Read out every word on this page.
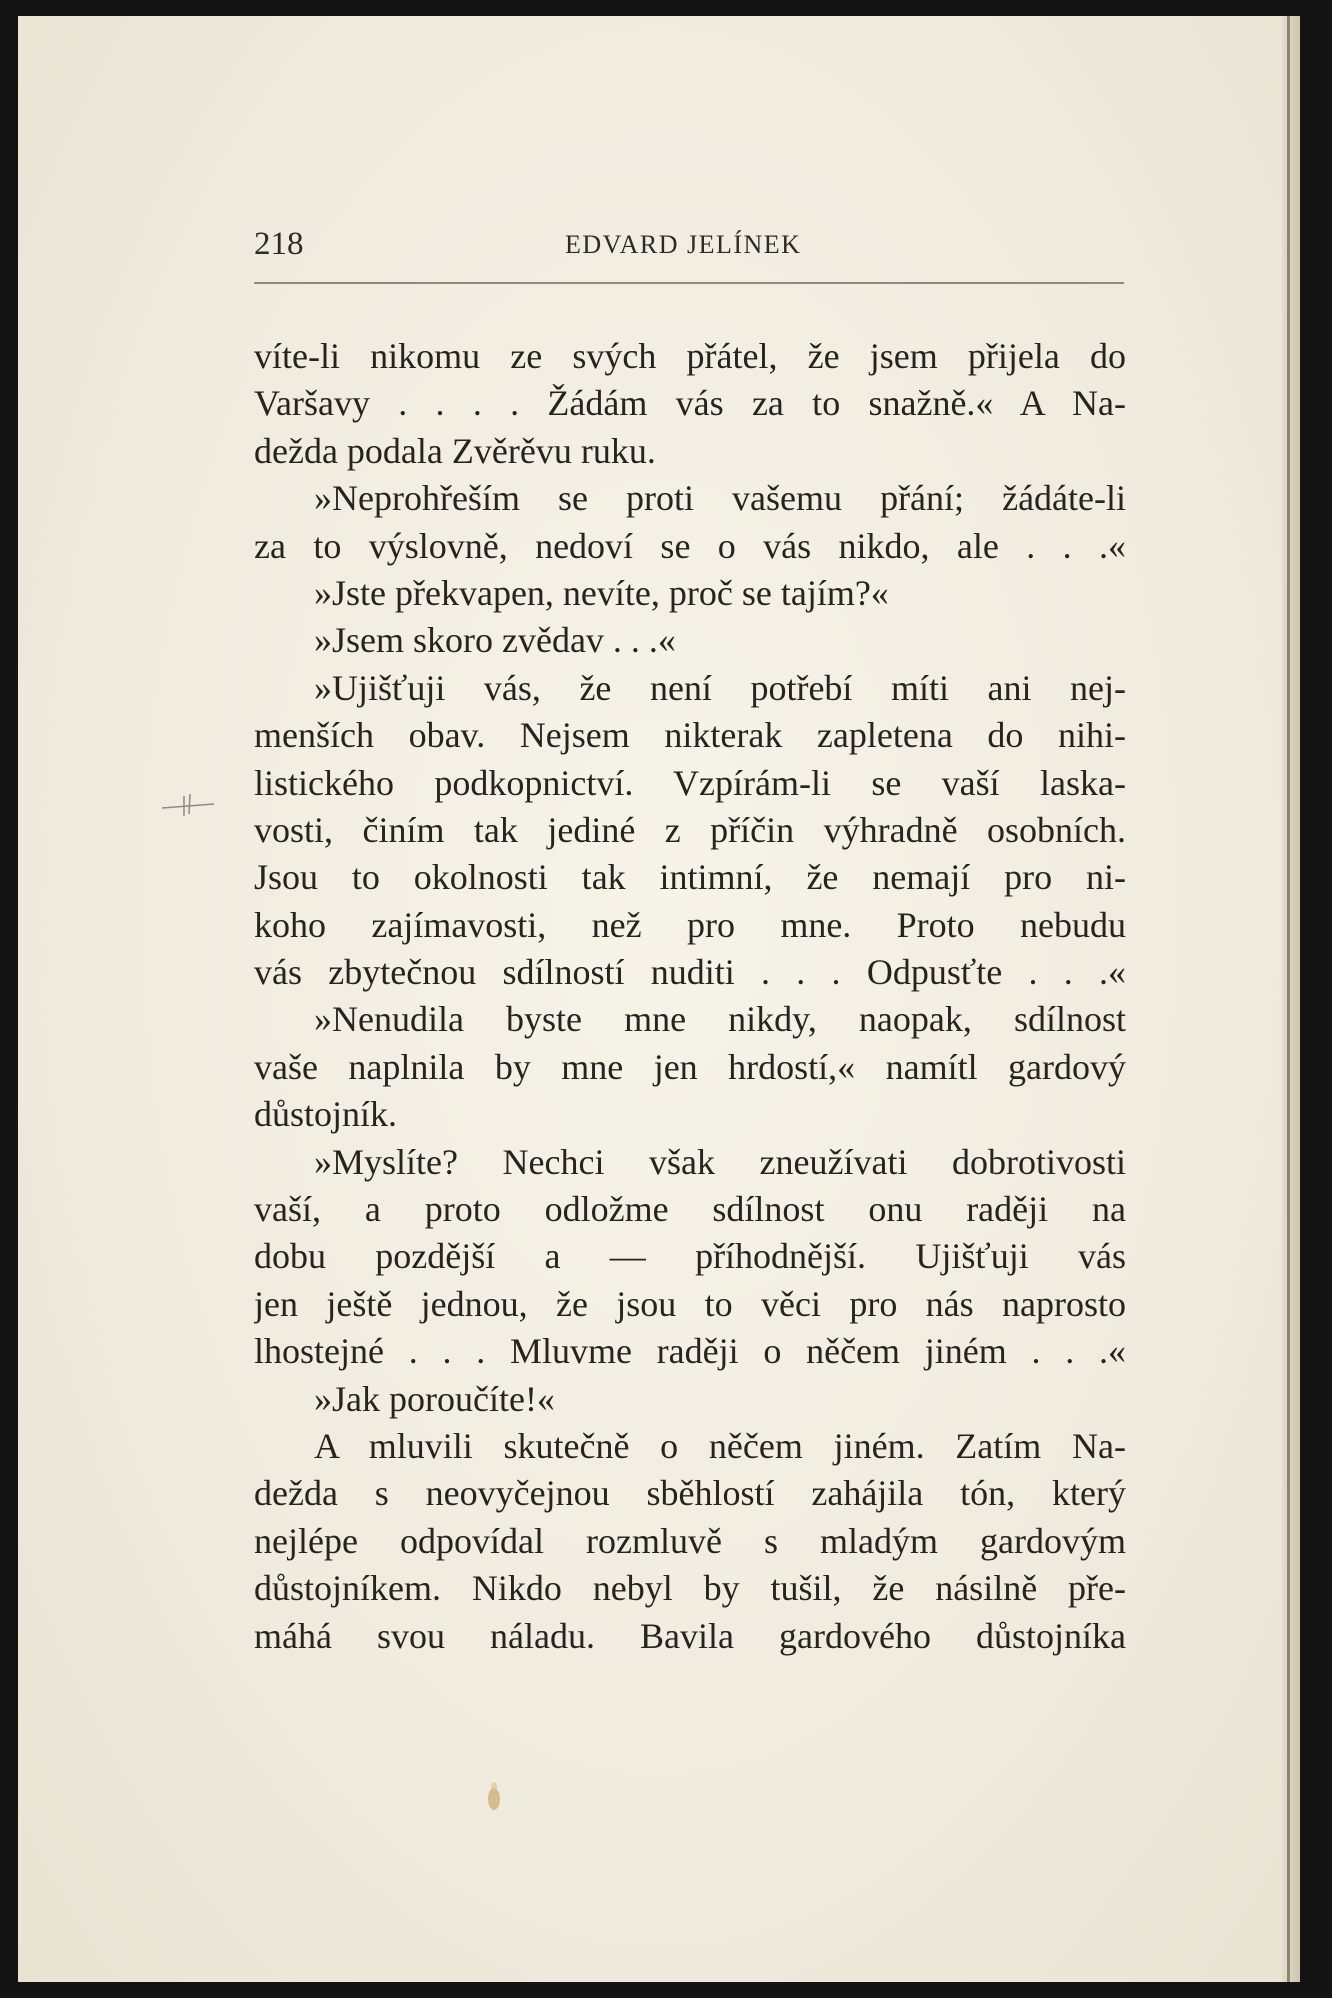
218	EDVARD JELÍNEK
víte-li nikomu ze svých přátel, že jsem přijela do
Varšavy . . . . Žádám vás za to snažně.« A Na-
dežda podala Zvěrěvu ruku.
»Neprohřeším se proti vašemu přání; žádáte-li
za to výslovně, nedoví se o vás nikdo, ale . . .«
»Jste překvapen, nevíte, proč se tajím?«
»Jsem skoro zvědav . . .«
»Ujišťuji vás, že není potřebí míti ani nej-
menších obav. Nejsem nikterak zapletena do nihi-
listického podkopnictví. Vzpírám-li se vaší laska-
vosti, činím tak jediné z příčin výhradně osobních.
Jsou to okolnosti tak intimní, že nemají pro ni-
koho zajímavosti, než pro mne. Proto nebudu
vás zbytečnou sdílností nuditi . . . Odpusťte . . .«
»Nenudila byste mne nikdy, naopak, sdílnost
vaše naplnila by mne jen hrdostí,« namítl gardový
důstojník.
»Myslíte? Nechci však zneužívati dobrotivosti
vaší, a proto odložme sdílnost onu raději na
dobu pozdější a — příhodnější. Ujišťuji vás
jen ještě jednou, že jsou to věci pro nás naprosto
lhostejné . . . Mluvme raději o něčem jiném . . .«
»Jak poroučíte!«
A mluvili skutečně o něčem jiném. Zatím Na-
dežda s neovyčejnou sběhlostí zahájila tón, který
nejlépe odpovídal rozmluvě s mladým gardovým
důstojníkem. Nikdo nebyl by tušil, že násilně pře-
máhá svou náladu. Bavila gardového důstojníka
